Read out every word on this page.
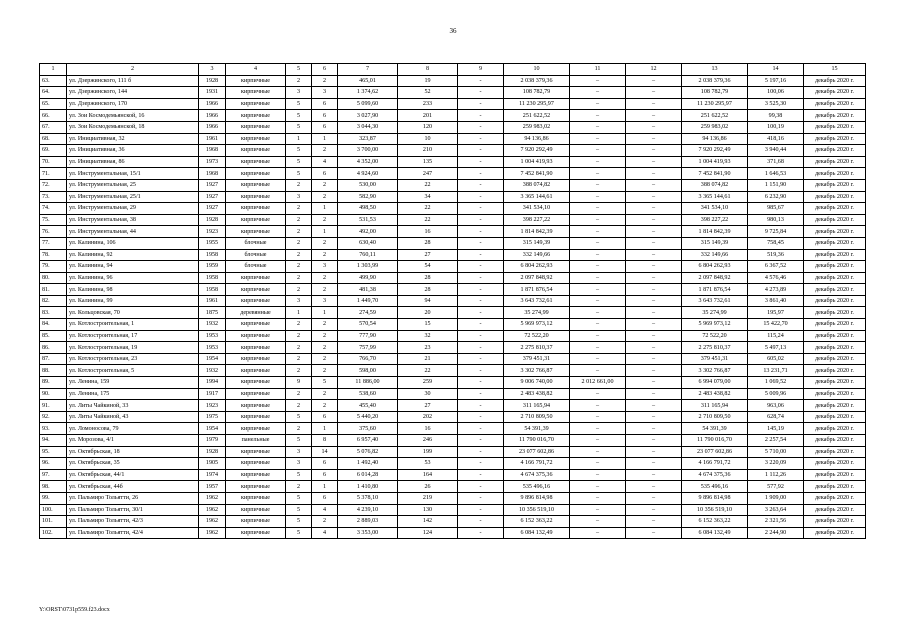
36
1	2	3	4	5	6	7	8	9	10	11	12	13	14	15
63.	ул. Дзержинского, 111 б	1928	кирпичные	2	2	465,01	19	-	2 038 379,36	–	–	2 038 379,36	5 197,16	декабрь 2020 г.
64.	ул. Дзержинского, 144	1931	кирпичные	3	3	1 374,62	52	-	108 782,79	–	–	108 782,79	100,06	декабрь 2020 г.
65.	ул. Дзержинского, 170	1966	кирпичные	5	6	5 099,60	233	-	11 230 295,97	–	–	11 230 295,97	3 525,30	декабрь 2020 г.
66.	ул. Зои Космодемьянской, 16	1966	кирпичные	5	6	3 027,90	201	-	251 622,52	–	–	251 622,52	99,38	декабрь 2020 г.
67.	ул. Зои Космодемьянской, 18	1966	кирпичные	5	6	3 044,30	120	-	259 983,02	–	–	259 983,02	100,19	декабрь 2020 г.
68.	ул. Инициативная, 32	1961	кирпичные	1	1	323,87	10	-	94 136,86	–	–	94 136,86	418,16	декабрь 2020 г.
69.	ул. Инициативная, 36	1968	кирпичные	5	2	3 700,00	210	-	7 920 292,49	–	–	7 920 292,49	3 940,44	декабрь 2020 г.
70.	ул. Инициативная, 86	1973	кирпичные	5	4	4 352,00	135	-	1 004 419,93	–	–	1 004 419,93	371,68	декабрь 2020 г.
71.	ул. Инструментальная, 15/1	1968	кирпичные	5	6	4 924,60	247	-	7 452 841,90	–	–	7 452 841,90	1 646,53	декабрь 2020 г.
72.	ул. Инструментальная, 25	1927	кирпичные	2	2	530,00	22	-	388 074,82	–	–	388 074,82	1 151,90	декабрь 2020 г.
73.	ул. Инструментальная, 25/1	1927	кирпичные	3	2	582,90	34	-	3 365 144,61	–	–	3 365 144,61	6 232,90	декабрь 2020 г.
74.	ул. Инструментальная, 29	1927	кирпичные	2	1	498,50	22	-	341 534,10	–	–	341 534,10	985,67	декабрь 2020 г.
75.	ул. Инструментальная, 38	1928	кирпичные	2	2	531,53	22	-	398 227,22	–	–	398 227,22	980,13	декабрь 2020 г.
76.	ул. Инструментальная, 44	1923	кирпичные	2	1	492,00	16	-	1 814 842,39	–	–	1 814 842,39	9 725,84	декабрь 2020 г.
77.	ул. Калинина, 106	1955	блочные	2	2	630,40	28	-	315 149,39	–	–	315 149,39	758,45	декабрь 2020 г.
78.	ул. Калинина, 92	1958	блочные	2	2	760,11	27	-	332 149,66	–	–	332 149,66	519,36	декабрь 2020 г.
79.	ул. Калинина, 94	1959	блочные	2	3	1 303,99	54	-	6 804 262,93	–	–	6 804 262,93	6 367,52	декабрь 2020 г.
80.	ул. Калинина, 96	1958	кирпичные	2	2	499,90	28	-	2 097 848,92	–	–	2 097 848,92	4 576,46	декабрь 2020 г.
81.	ул. Калинина, 98	1958	кирпичные	2	2	481,38	28	-	1 871 876,54	–	–	1 871 876,54	4 273,89	декабрь 2020 г.
82.	ул. Калинина, 99	1961	кирпичные	3	3	1 449,70	94	-	3 643 732,61	–	–	3 643 732,61	3 861,40	декабрь 2020 г.
83.	ул. Кольцовская, 70	1875	деревянные	1	1	274,59	20	-	35 274,99	–	–	35 274,99	195,97	декабрь 2020 г.
84.	ул. Котлостроительная, 1	1932	кирпичные	2	2	570,54	15	-	5 969 973,12	–	–	5 969 973,12	15 422,70	декабрь 2020 г.
85.	ул. Котлостроительная, 17	1953	кирпичные	2	2	777,90	32	-	72 522,20	–	–	72 522,20	115,24	декабрь 2020 г.
86.	ул. Котлостроительная, 19	1953	кирпичные	2	2	757,99	23	-	2 275 810,37	–	–	2 275 810,37	5 497,13	декабрь 2020 г.
87.	ул. Котлостроительная, 23	1954	кирпичные	2	2	766,70	21	-	379 451,31	–	–	379 451,31	605,02	декабрь 2020 г.
88.	ул. Котлостроительная, 5	1932	кирпичные	2	2	598,00	22	-	3 302 766,87	–	–	3 302 766,87	13 231,71	декабрь 2020 г.
89.	ул. Ленина, 159	1994	кирпичные	9	5	11 886,00	259	-	9 006 740,00	2 012 661,00	–	6 994 079,00	1 069,52	декабрь 2020 г.
90.	ул. Ленина, 175	1917	кирпичные	2	2	538,60	30	-	2 483 438,82	–	–	2 483 438,82	5 009,96	декабрь 2020 г.
91.	ул. Литы Чайкиной, 33	1923	кирпичные	2	2	455,40	27	-	311 165,94	–	–	311 165,94	963,06	декабрь 2020 г.
92.	ул. Литы Чайкиной, 43	1975	кирпичные	5	6	5 440,20	202	-	2 710 809,50	–	–	2 710 809,50	628,74	декабрь 2020 г.
93.	ул. Ломоносова, 79	1954	кирпичные	2	1	375,60	16	-	54 391,39	–	–	54 391,39	145,19	декабрь 2020 г.
94.	ул. Морозова, 4/1	1979	панельные	5	8	6 957,40	246	-	11 790 016,70	–	–	11 790 016,70	2 257,54	декабрь 2020 г.
95.	ул. Октябрьская, 18	1928	кирпичные	3	14	5 076,82	199	-	23 077 602,86	–	–	23 077 602,86	5 710,00	декабрь 2020 г.
96.	ул. Октябрьская, 35	1905	кирпичные	3	6	1 492,40	53	-	4 166 791,72	–	–	4 166 791,72	3 220,09	декабрь 2020 г.
97.	ул. Октябрьская, 44/1	1974	кирпичные	5	6	6 014,28	164	-	4 674 375,36	–	–	4 674 375,36	1 112,26	декабрь 2020 г.
98.	ул. Октябрьская, 44б	1957	кирпичные	2	1	1 410,80	26	-	535 496,16	–	–	535 496,16	577,92	декабрь 2020 г.
99.	ул. Пальмиро Тольятти, 26	1962	кирпичные	5	6	5 378,10	219	-	9 896 814,98	–	–	9 896 814,98	1 909,00	декабрь 2020 г.
100.	ул. Пальмиро Тольятти, 30/1	1962	кирпичные	5	4	4 239,10	130	-	10 356 519,10	–	–	10 356 519,10	3 263,64	декабрь 2020 г.
101.	ул. Пальмиро Тольятти, 42/3	1962	кирпичные	5	2	2 889,03	142	-	6 152 363,22	–	–	6 152 363,22	2 321,56	декабрь 2020 г.
102.	ул. Пальмиро Тольятти, 42/4	1962	кирпичные	5	4	3 353,00	124	-	6 084 132,49	–	–	6 084 132,49	2 244,90	декабрь 2020 г.
Y:\ORST\0731p559.f23.docx
